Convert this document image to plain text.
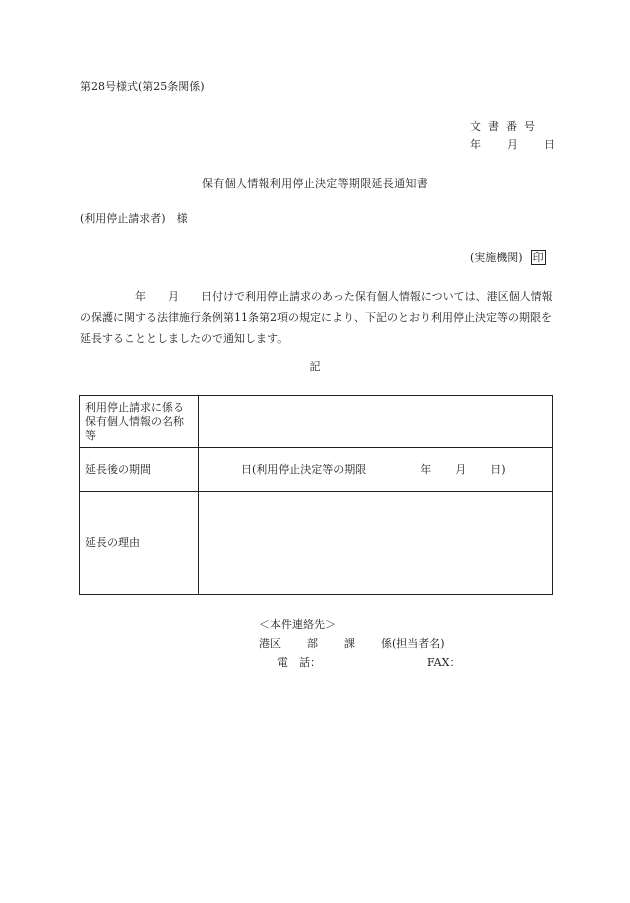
第28号様式(第25条関係)
文書番号
年 月 日
保有個人情報利用停止決定等期限延長通知書
(利用停止請求者)　様
(実施機関) 印
　　　　　年　　月　　日付けで利用停止請求のあった保有個人情報については、港区個人情報の保護に関する法律施行条例第11条第2項の規定により、下記のとおり利用停止決定等の期限を延長することとしましたので通知します。
記
利用停止請求に係る保有個人情報の名称等	
延長後の期間	日(利用停止決定等の期限 年 月 日)

延長の理由	
＜本件連絡先＞
港区 部 課 係(担当者名)
電　話：	FAX：
